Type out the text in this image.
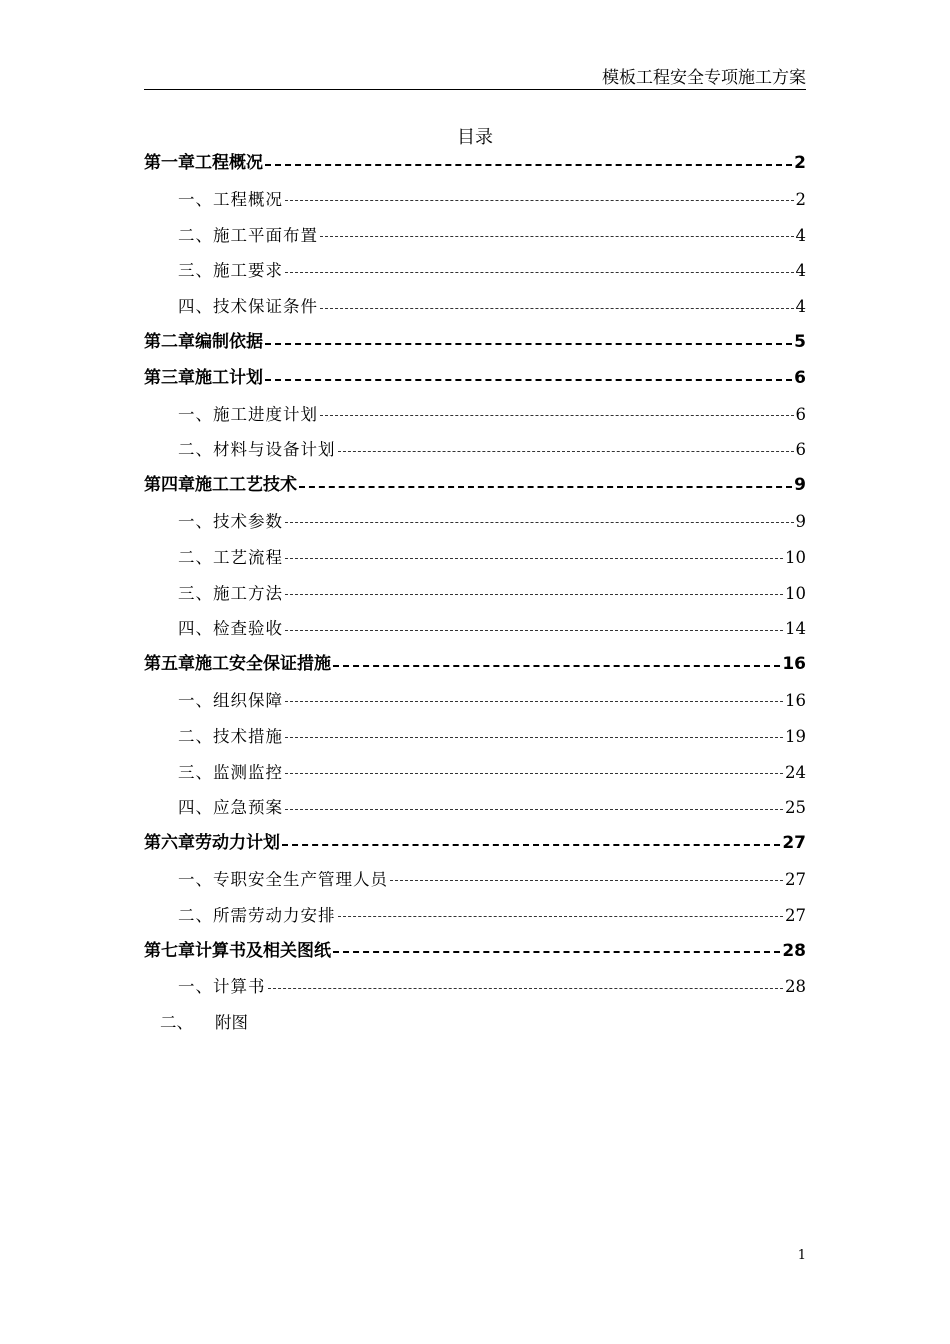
模板工程安全专项施工方案
目录
第一章工程概况	2
一、工程概况	2
二、施工平面布置	4
三、施工要求	4
四、技术保证条件	4
第二章编制依据	5
第三章施工计划	6
一、施工进度计划	6
二、材料与设备计划	6
第四章施工工艺技术	9
一、技术参数	9
二、工艺流程	10
三、施工方法	10
四、检查验收	14
第五章施工安全保证措施	16
一、组织保障	16
二、技术措施	19
三、监测监控	24
四、应急预案	25
第六章劳动力计划	27
一、专职安全生产管理人员	27
二、所需劳动力安排	27
第七章计算书及相关图纸	28
一、计算书	28
二、 附图
1
